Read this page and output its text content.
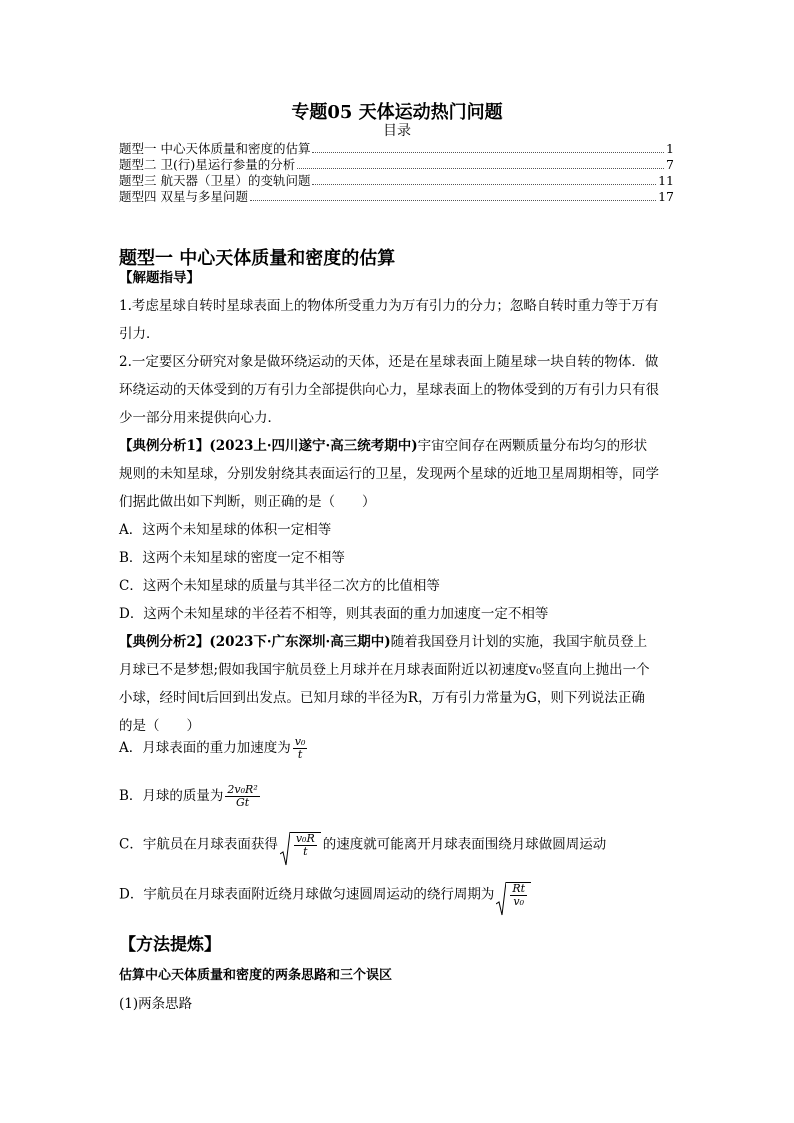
专题05 天体运动热门问题
目录
题型一 中心天体质量和密度的估算	1
题型二 卫(行)星运行参量的分析	7
题型三 航天器（卫星）的变轨问题	11
题型四 双星与多星问题	17
题型一 中心天体质量和密度的估算
【解题指导】
1.考虑星球自转时星球表面上的物体所受重力为万有引力的分力；忽略自转时重力等于万有
引力．
2.一定要区分研究对象是做环绕运动的天体，还是在星球表面上随星球一块自转的物体．做
环绕运动的天体受到的万有引力全部提供向心力，星球表面上的物体受到的万有引力只有很
少一部分用来提供向心力．
【典例分析1】(2023上·四川遂宁·高三统考期中)宇宙空间存在两颗质量分布均匀的形状
规则的未知星球，分别发射绕其表面运行的卫星，发现两个星球的近地卫星周期相等，同学
们据此做出如下判断，则正确的是（　　）
A．这两个未知星球的体积一定相等
B．这两个未知星球的密度一定不相等
C．这两个未知星球的质量与其半径二次方的比值相等
D．这两个未知星球的半径若不相等，则其表面的重力加速度一定不相等
【典例分析2】(2023下·广东深圳·高三期中)随着我国登月计划的实施，我国宇航员登上
月球已不是梦想;假如我国宇航员登上月球并在月球表面附近以初速度v₀竖直向上抛出一个
小球，经时间t后回到出发点。已知月球的半径为R，万有引力常量为G，则下列说法正确
的是（　　）
A．月球表面的重力加速度为 $\frac{\text{v₀}}{t}$
B．月球的质量为 $\frac{\text{2v₀R²}}{Gt}$
C．宇航员在月球表面获得 $\frac{\text{v₀R}}{t}$ 的速度就可能离开月球表面围绕月球做圆周运动
D．宇航员在月球表面附近绕月球做匀速圆周运动的绕行周期为 $\frac{Rt}{\text{v₀}}$
【方法提炼】
估算中心天体质量和密度的两条思路和三个误区
(1)两条思路
